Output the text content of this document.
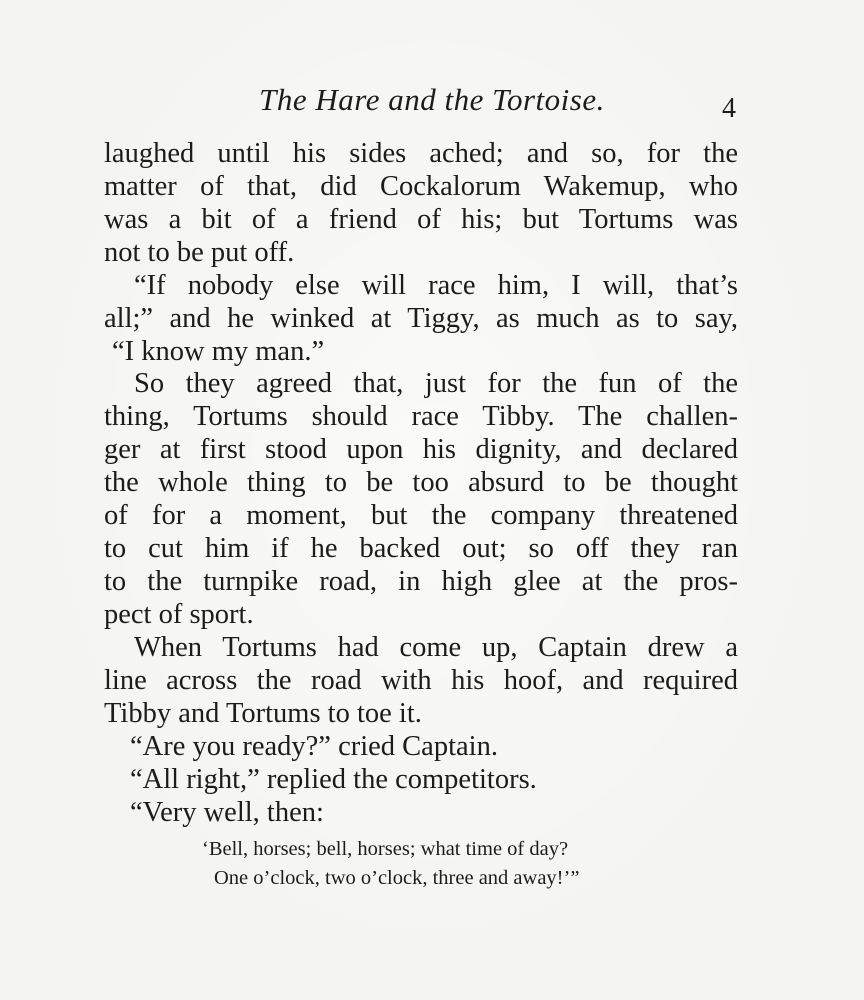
The Hare and the Tortoise.	4
laughed until his sides ached; and so, for the
matter of that, did Cockalorum Wakemup, who
was a bit of a friend of his; but Tortums was
not to be put off.
“If nobody else will race him, I will, that’s
all;” and he winked at Tiggy, as much as to say,
“I know my man.”
So they agreed that, just for the fun of the
thing, Tortums should race Tibby. The challen-
ger at first stood upon his dignity, and declared
the whole thing to be too absurd to be thought
of for a moment, but the company threatened
to cut him if he backed out; so off they ran
to the turnpike road, in high glee at the pros-
pect of sport.
When Tortums had come up, Captain drew a
line across the road with his hoof, and required
Tibby and Tortums to toe it.
“Are you ready?” cried Captain.
“All right,” replied the competitors.
“Very well, then:
‘Bell, horses; bell, horses; what time of day?
One o’clock, two o’clock, three and away!’”
